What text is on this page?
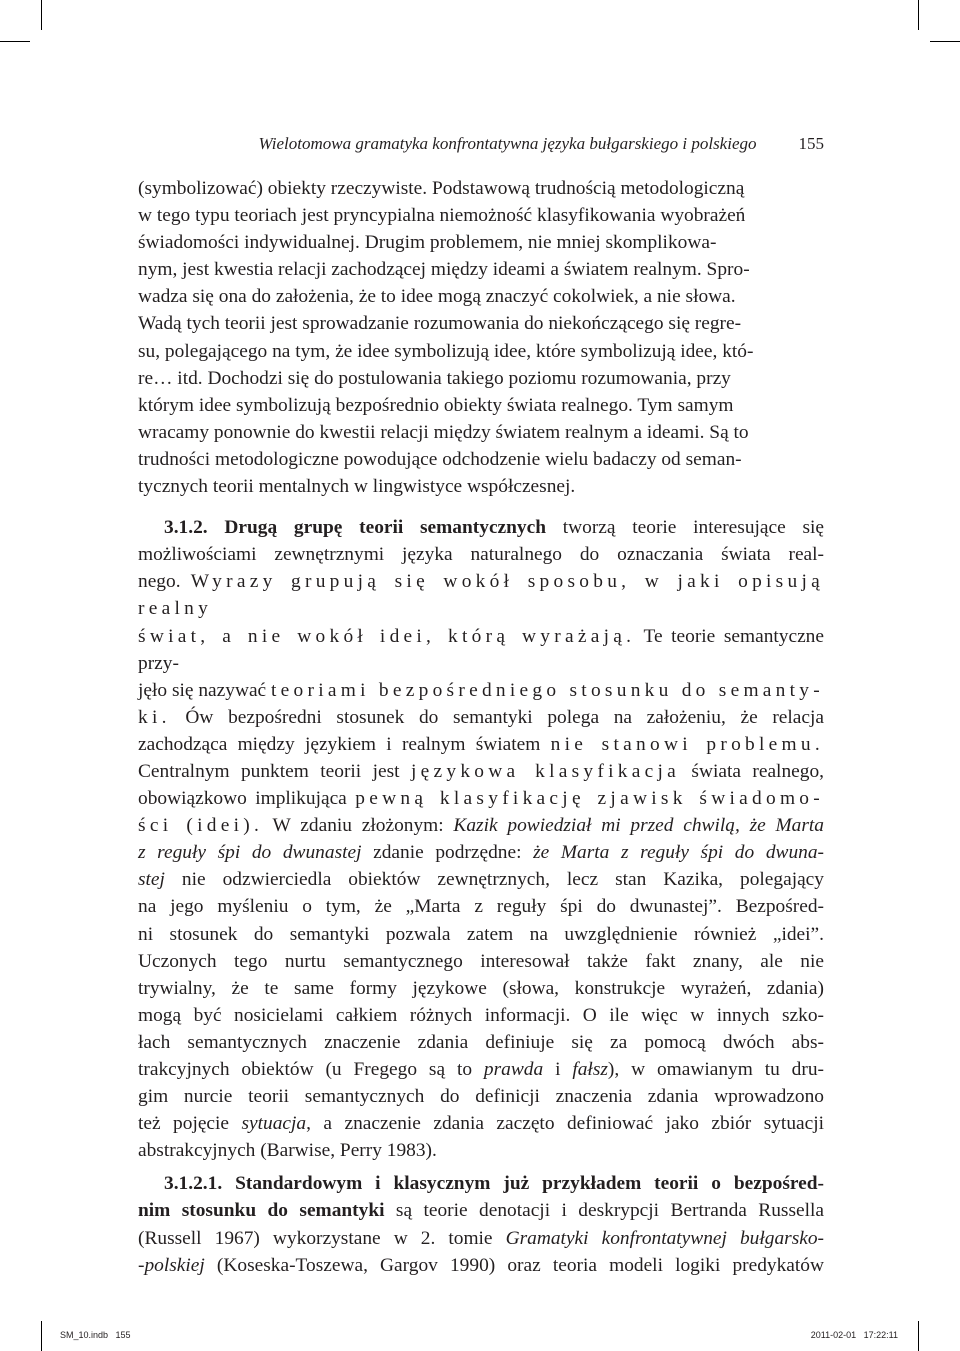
Wielotomowa gramatyka konfrontatywna języka bułgarskiego i polskiego 155

(symbolizować) obiekty rzeczywiste. Podstawową trudnością metodologiczną
w tego typu teoriach jest pryncypialna niemożność klasyfikowania wyobrażeń
świadomości indywidualnej. Drugim problemem, nie mniej skomplikowa-
nym, jest kwestia relacji zachodzącej między ideami a światem realnym. Spro-
wadza się ona do założenia, że to idee mogą znaczyć cokolwiek, a nie słowa.
Wadą tych teorii jest sprowadzanie rozumowania do niekończącego się regre-
su, polegającego na tym, że idee symbolizują idee, które symbolizują idee, któ-
re… itd. Dochodzi się do postulowania takiego poziomu rozumowania, przy
którym idee symbolizują bezpośrednio obiekty świata realnego. Tym samym
wracamy ponownie do kwestii relacji między światem realnym a ideami. Są to
trudności metodologiczne powodujące odchodzenie wielu badaczy od seman-
tycznych teorii mentalnych w lingwistyce współczesnej.

3.1.2. Drugą grupę teorii semantycznych tworzą teorie interesujące się
możliwościami zewnętrznymi języka naturalnego do oznaczania świata real-
nego. Wyrazy grupują się wokół sposobu, w jaki opisują realny
świat, a nie wokół idei, którą wyrażają. Te teorie semantyczne przy-
jęło się nazywać teoriami bezpośredniego stosunku do semanty-
ki. Ów bezpośredni stosunek do semantyki polega na założeniu, że relacja
zachodząca między językiem i realnym światem nie stanowi problemu.
Centralnym punktem teorii jest językowa klasyfikacja świata realnego,
obowiązkowo implikująca pewną klasyfikację zjawisk świadomo-
ści (idei). W zdaniu złożonym: Kazik powiedział mi przed chwilą, że Marta
z reguły śpi do dwunastej zdanie podrzędne: że Marta z reguły śpi do dwuna-
stej nie odzwierciedla obiektów zewnętrznych, lecz stan Kazika, polegający
na jego myśleniu o tym, że „Marta z reguły śpi do dwunastej”. Bezpośred-
ni stosunek do semantyki pozwala zatem na uwzględnienie również „idei”.
Uczonych tego nurtu semantycznego interesował także fakt znany, ale nie
trywialny, że te same formy językowe (słowa, konstrukcje wyrażeń, zdania)
mogą być nosicielami całkiem różnych informacji. O ile więc w innych szko-
łach semantycznych znaczenie zdania definiuje się za pomocą dwóch abs-
trakcyjnych obiektów (u Fregego są to prawda i fałsz), w omawianym tu dru-
gim nurcie teorii semantycznych do definicji znaczenia zdania wprowadzono
też pojęcie sytuacja, a znaczenie zdania zaczęto definiować jako zbiór sytuacji
abstrakcyjnych (Barwise, Perry 1983).

3.1.2.1. Standardowym i klasycznym już przykładem teorii o bezpośred-
nim stosunku do semantyki są teorie denotacji i deskrypcji Bertranda Russella
(Russell 1967) wykorzystane w 2. tomie Gramatyki konfrontatywnej bułgarsko-
-polskiej (Koseska-Toszewa, Gargov 1990) oraz teoria modeli logiki predykatów

SM_10.indb   155	2011-02-01   17:22:11
